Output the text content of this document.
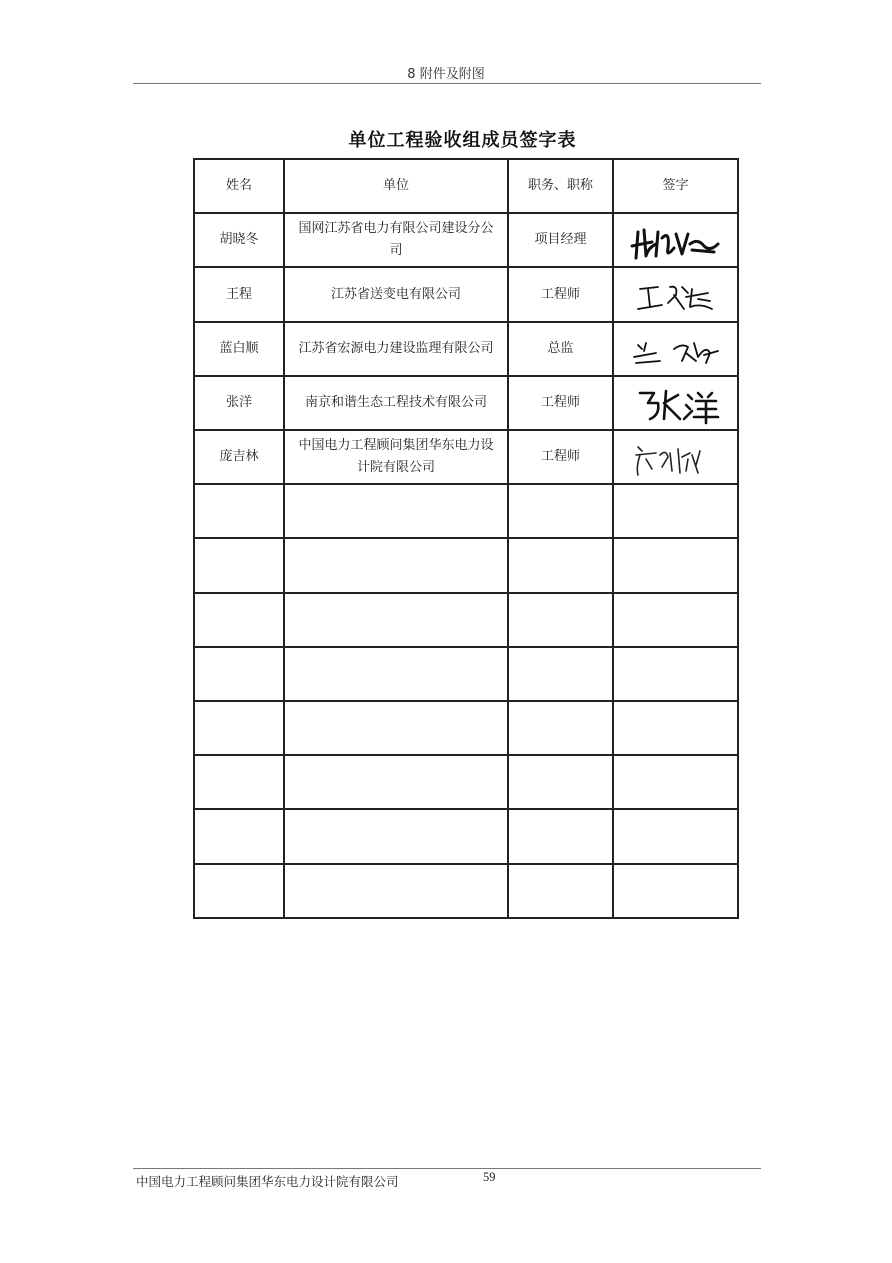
8 附件及附图
单位工程验收组成员签字表
姓名	单位	职务、职称	签字
胡晓冬	国网江苏省电力有限公司建设分公司	项目经理	

王程	江苏省送变电有限公司	工程师	

蓝白顺	江苏省宏源电力建设监理有限公司	总监	

张洋	南京和谐生态工程技术有限公司	工程师	

庞吉林	中国电力工程顾问集团华东电力设计院有限公司	工程师	

中国电力工程顾问集团华东电力设计院有限公司	59
